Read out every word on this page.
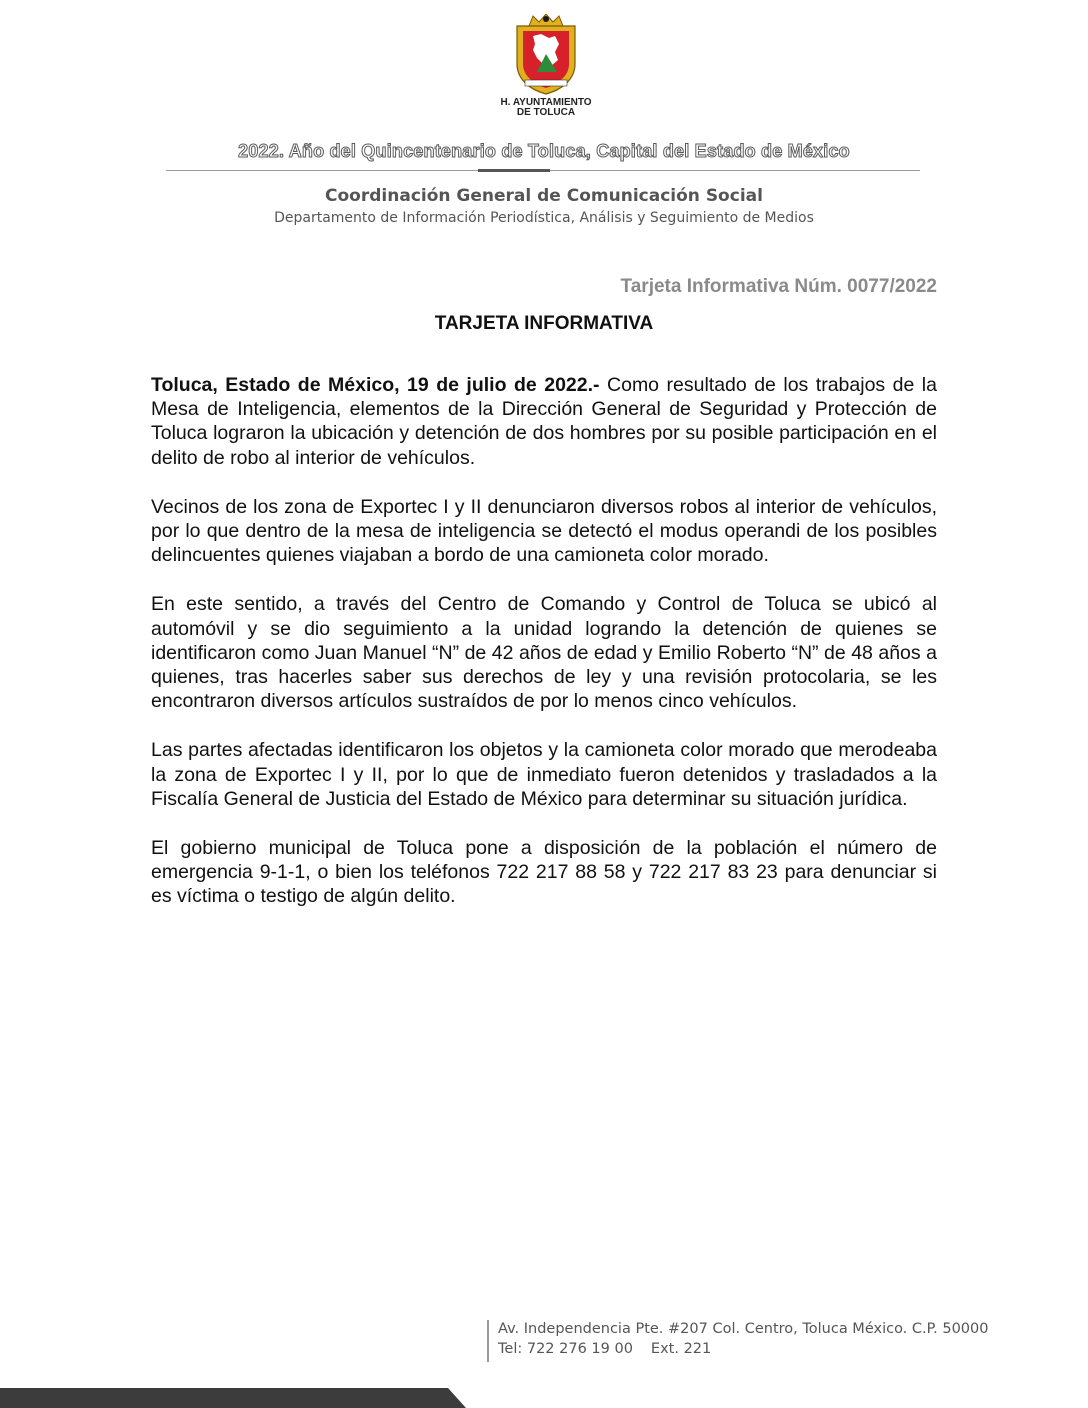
H. AYUNTAMIENTO
DE TOLUCA
2022. Año del Quincentenario de Toluca, Capital del Estado de México
Coordinación General de Comunicación Social
Departamento de Información Periodística, Análisis y Seguimiento de Medios
Tarjeta Informativa Núm. 0077/2022
TARJETA INFORMATIVA

Toluca, Estado de México, 19 de julio de 2022.- Como resultado de los trabajos de la Mesa de Inteligencia, elementos de la Dirección General de Seguridad y Protección de Toluca lograron la ubicación y detención de dos hombres por su posible participación en el delito de robo al interior de vehículos.

Vecinos de los zona de Exportec I y II denunciaron diversos robos al interior de vehículos, por lo que dentro de la mesa de inteligencia se detectó el modus operandi de los posibles delincuentes quienes viajaban a bordo de una camioneta color morado.

En este sentido, a través del Centro de Comando y Control de Toluca se ubicó al automóvil y se dio seguimiento a la unidad logrando la detención de quienes se identificaron como Juan Manuel “N” de 42 años de edad y Emilio Roberto “N” de 48 años a quienes, tras hacerles saber sus derechos de ley y una revisión protocolaria, se les encontraron diversos artículos sustraídos de por lo menos cinco vehículos.

Las partes afectadas identificaron los objetos y la camioneta color morado que merodeaba la zona de Exportec I y II, por lo que de inmediato fueron detenidos y trasladados a la Fiscalía General de Justicia del Estado de México para determinar su situación jurídica.

El gobierno municipal de Toluca pone a disposición de la población el número de emergencia 9-1-1, o bien los teléfonos 722 217 88 58 y 722 217 83 23 para denunciar si es víctima o testigo de algún delito.

Av. Independencia Pte. #207 Col. Centro, Toluca México. C.P. 50000
Tel: 722 276 19 00 Ext. 221
